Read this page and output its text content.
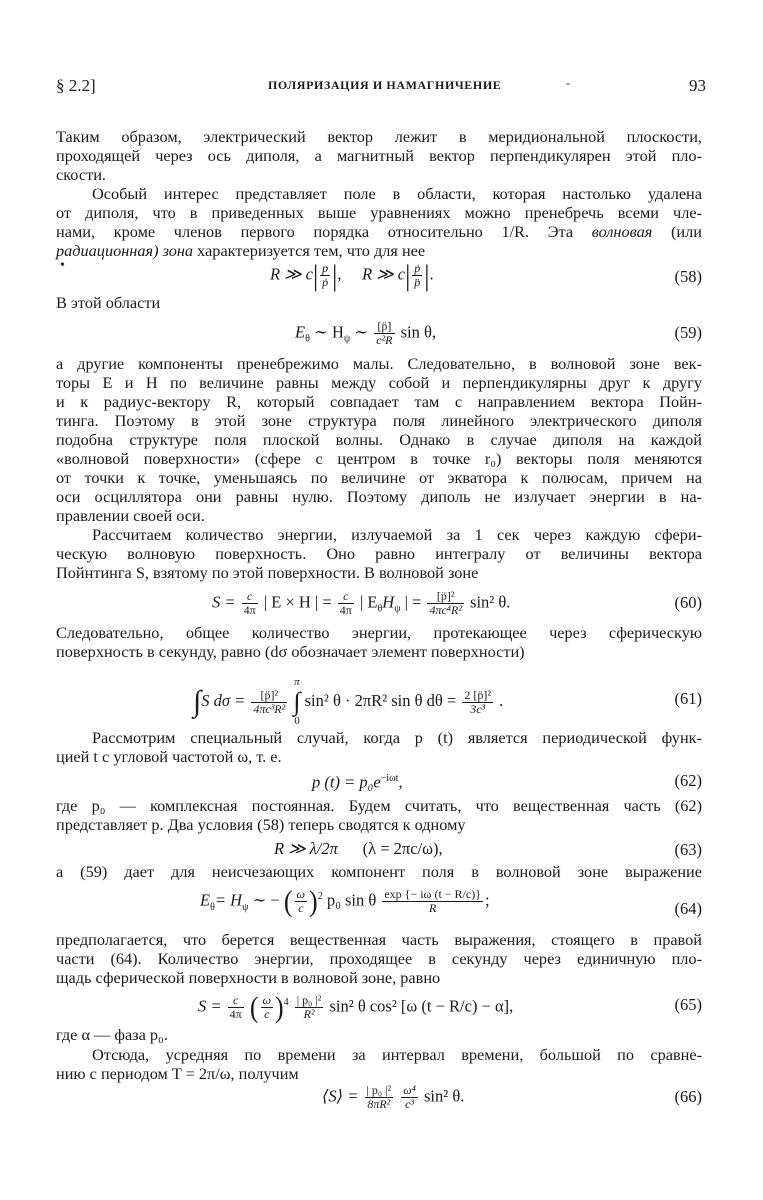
§ 2.2]	ПОЛЯРИЗАЦИЯ И НАМАГНИЧЕНИЕ	-	93
Таким образом, электрический вектор лежит в меридиональной плоскости,
проходящей через ось диполя, а магнитный вектор перпендикулярен этой пло-
скости.
Особый интерес представляет поле в области, которая настолько удалена
от диполя, что в приведенных выше уравнениях можно пренебречь всеми чле-
нами, кроме членов первого порядка относительно 1/R. Эта волновая (или
радиационная) зона характеризуется тем, что для нее
•	R ≫ $c| \frac{p}{\text{ṗ}}$ |,     R ≫ $c| \frac{\text{ṗ}}{p̈}$ |.	(58)
В этой области
$E_\theta$ ∼ $H_\psi$ ∼ $\frac{[p̈]}{\text{c²R}}$ sin θ,	(59)
а другие компоненты пренебрежимо малы. Следовательно, в волновой зоне век-
торы E и H по величине равны между собой и перпендикулярны друг к другу
и к радиус-вектору R, который совпадает там с направлением вектора Пойн-
тинга. Поэтому в этой зоне структура поля линейного электрического диполя
подобна структуре поля плоской волны. Однако в случае диполя на каждой
«волновой поверхности» (сфере с центром в точке r₀) векторы поля меняются
от точки к точке, уменьшаясь по величине от экватора к полюсам, причем на
оси осциллятора они равны нулю. Поэтому диполь не излучает энергии в на-
правлении своей оси.
Рассчитаем количество энергии, излучаемой за 1 сек через каждую сфери-
ческую волновую поверхность. Оно равно интегралу от величины вектора
Пойнтинга S, взятому по этой поверхности. В волновой зоне
$S = \frac{c}{4\pi}$ | E × H | = $\frac{c}{4\pi}$ | $E_\theta H_\psi$ | = $\frac{\text{[p̈]²}}{\text{4πc⁴R²}} \sin^2$ θ.	(60)
Следовательно, общее количество энергии, протекающее через сферическую
поверхность в секунду, равно (dσ обозначает элемент поверхности)
∫S $d\sigma = \frac{\text{[p̈]²}}{\text{4πc³R²}}$
π
∫
0 sin² θ · 2πR² sin θ $d\theta = \frac{\text{2 [p̈]²}}{\text{3c³}}$ .	(61)
Рассмотрим специальный случай, когда p (t) является периодической функ-
цией t с угловой частотой ω, т. е.
p $(t) = p_0e^{-i\omega t}$,	(62)
где p₀ — комплексная постоянная. Будем считать, что вещественная часть (62)
представляет p. Два условия (58) теперь сводятся к одному
R ≫ λ/2π (λ = 2πc/ω),	(63)
а (59) дает для неисчезающих компонент поля в волновой зоне выражение
$E_\theta= H_\psi$ ∼ − ( $\frac{\omega}{c} )^2$ p₀ sin θ $\frac{\exp \{- i\omega (t - R/c)\}}{R}$ ;	(64)
предполагается, что берется вещественная часть выражения, стоящего в правой
части (64). Количество энергии, проходящее в секунду через единичную пло-
щадь сферической поверхности в волновой зоне, равно
$S = \frac{c}{4\pi}$ ( $\frac{\omega}{c} )^4 \frac{\text{| p₀ |²}}{\text{R²}} \sin^2$ θ cos² [ω (t − R/c) − α],	(65)
где α — фаза p₀.
Отсюда, усредняя по времени за интервал времени, большой по сравне-
нию с периодом T = 2π/ω, получим
⟨S⟩ = $\frac{\text{| p₀ |²}}{\text{8πR²}}$
$\frac{\text{ω⁴}}{\text{c³}} \sin^2$ θ.	(66)
